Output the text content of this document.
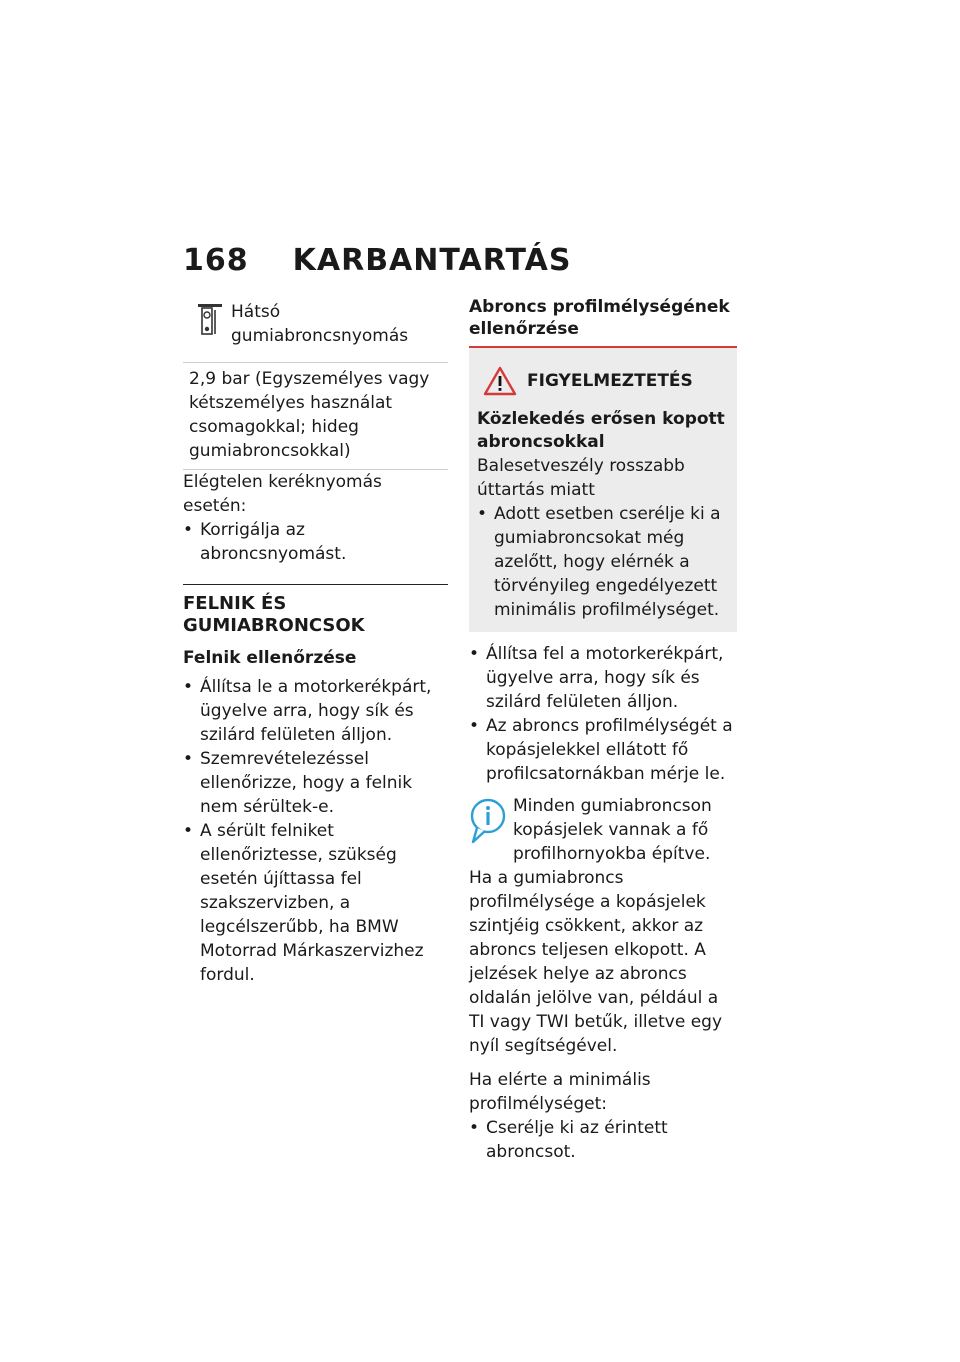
168 KARBANTARTÁS
Hátsó gumiabroncsnyomás
2,9 bar (Egyszemélyes vagy kétszemélyes használat csomagokkal; hideg gumiabroncsokkal)
Elégtelen keréknyomás esetén:
• Korrigálja az abroncsnyomást.
FELNIK ÉS GUMIABRONCSOK
Felnik ellenőrzése
• Állítsa le a motorkerékpárt, ügyelve arra, hogy sík és szilárd felületen álljon.
• Szemrevételezéssel ellenőrizze, hogy a felnik nem sérültek-e.
• A sérült felniket ellenőriztesse, szükség esetén újíttassa fel szakszervizben, a legcélszerűbb, ha BMW Motorrad Márkaszervizhez fordul.
Abroncs profilmélységének ellenőrzése
FIGYELMEZTETÉS
Közlekedés erősen kopott abroncsokkal
Balesetveszély rosszabb úttartás miatt
• Adott esetben cserélje ki a gumiabroncsokat még azelőtt, hogy elérnék a törvényileg engedélyezett minimális profilmélységet.
• Állítsa fel a motorkerékpárt, ügyelve arra, hogy sík és szilárd felületen álljon.
• Az abroncs profilmélységét a kopásjelekkel ellátott fő profilcsatornákban mérje le.
Minden gumiabroncson kopásjelek vannak a fő profilhornyokba építve. Ha a gumiabroncs profilmélysége a kopásjelek szintjéig csökkent, akkor az abroncs teljesen elkopott. A jelzések helye az abroncs oldalán jelölve van, például a TI vagy TWI betűk, illetve egy nyíl segítségével.
Ha elérte a minimális profilmélységet:
• Cserélje ki az érintett abroncsot.
